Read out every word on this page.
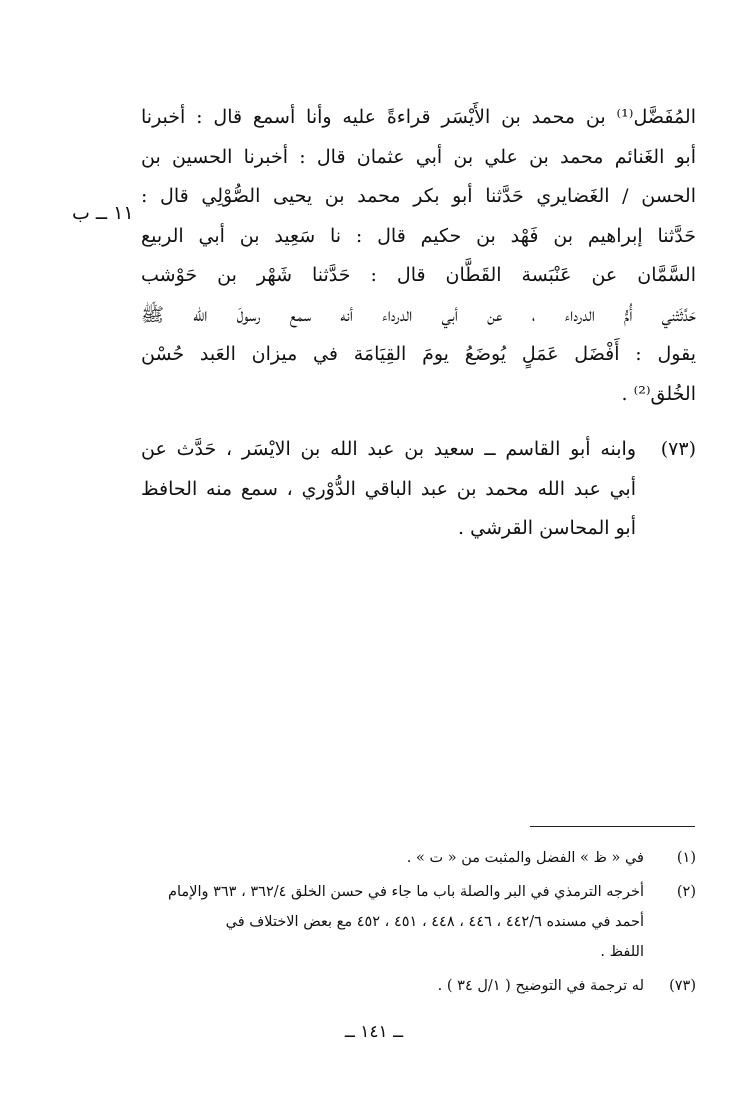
المُفَضَّل⁽¹⁾ بن محمد بن الأَيْسَر قراءةً عليه وأنا أسمع قال : أخبرنا
أبو الغَنائم محمد بن علي بن أبي عثمان قال : أخبرنا الحسين بن
الحسن / الغَضايري حَدَّثنا أبو بكر محمد بن يحيى الصُّوْلِي قال :
حَدَّثنا إبراهيم بن فَهْد بن حكيم قال : نا سَعِيد بن أبي الربيع
السَّمَّان عن عَنْبَسة القَطَّان قال : حَدَّثنا شَهْر بن حَوْشب
حَدَّثَتْني أُمُّ الدرداء ، عن أبي الدرداء أنه سمع رسولَ الله ﷺ
يقول : أَفْضَل عَمَلٍ يُوضَعُ يومَ القِيَامَة في ميزان العَبد حُسْن
الخُلق⁽²⁾ .
١١ ــ ب
(٧٣)
وابنه أبو القاسم ــ سعيد بن عبد الله بن الايْسَر ، حَدَّث عن
أبي عبد الله محمد بن عبد الباقي الدُّوْري ، سمع منه الحافظ
أبو المحاسن القرشي .
(١)
في « ظ » الفضل والمثبت من « ت » .
(٢)
أخرجه الترمذي في البر والصلة باب ما جاء في حسن الخلق ٣٦٢/٤ ، ٣٦٣ والإمام
أحمد في مسنده ٤٤٢/٦ ، ٤٤٦ ، ٤٤٨ ، ٤٥١ ، ٤٥٢ مع بعض الاختلاف في
اللفظ .
(٧٣)
له ترجمة في التوضيح ( ١/ل ٣٤ ) .
ــ ١٤١ ــ
